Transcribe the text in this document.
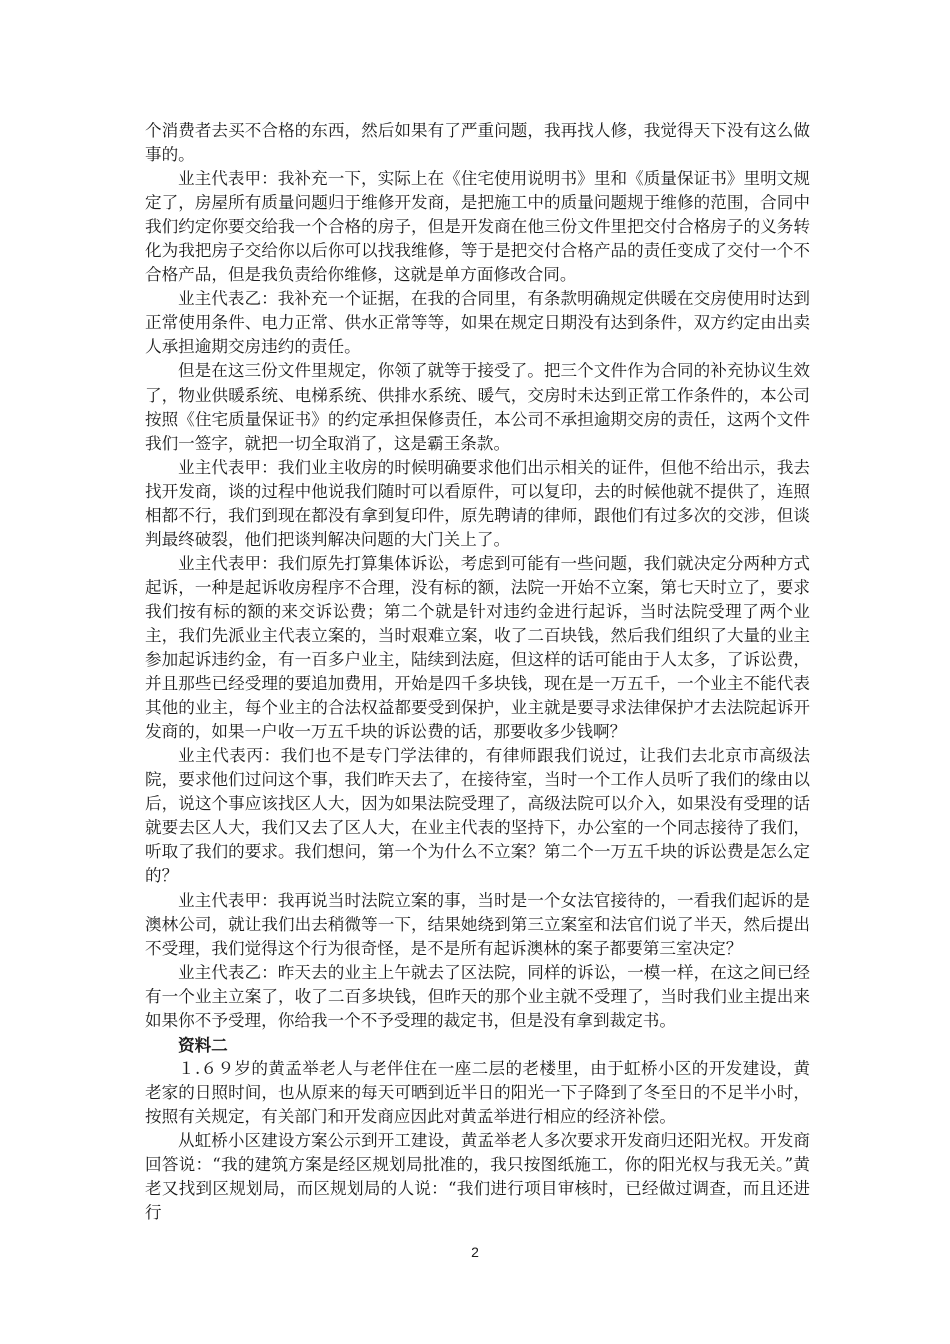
个消费者去买不合格的东西，然后如果有了严重问题，我再找人修，我觉得天下没有这么做事的。

业主代表甲：我补充一下，实际上在《住宅使用说明书》里和《质量保证书》里明文规定了，房屋所有质量问题归于维修开发商，是把施工中的质量问题规于维修的范围，合同中我们约定你要交给我一个合格的房子，但是开发商在他三份文件里把交付合格房子的义务转化为我把房子交给你以后你可以找我维修，等于是把交付合格产品的责任变成了交付一个不合格产品，但是我负责给你维修，这就是单方面修改合同。

业主代表乙：我补充一个证据，在我的合同里，有条款明确规定供暖在交房使用时达到正常使用条件、电力正常、供水正常等等，如果在规定日期没有达到条件，双方约定由出卖人承担逾期交房违约的责任。

但是在这三份文件里规定，你领了就等于接受了。把三个文件作为合同的补充协议生效了，物业供暖系统、电梯系统、供排水系统、暖气，交房时未达到正常工作条件的，本公司按照《住宅质量保证书》的约定承担保修责任，本公司不承担逾期交房的责任，这两个文件我们一签字，就把一切全取消了，这是霸王条款。

业主代表甲：我们业主收房的时候明确要求他们出示相关的证件，但他不给出示，我去找开发商，谈的过程中他说我们随时可以看原件，可以复印，去的时候他就不提供了，连照相都不行，我们到现在都没有拿到复印件，原先聘请的律师，跟他们有过多次的交涉，但谈判最终破裂，他们把谈判解决问题的大门关上了。

业主代表甲：我们原先打算集体诉讼，考虑到可能有一些问题，我们就决定分两种方式起诉，一种是起诉收房程序不合理，没有标的额，法院一开始不立案，第七天时立了，要求我们按有标的额的来交诉讼费；第二个就是针对违约金进行起诉，当时法院受理了两个业主，我们先派业主代表立案的，当时艰难立案，收了二百块钱，然后我们组织了大量的业主参加起诉违约金，有一百多户业主，陆续到法庭，但这样的话可能由于人太多，了诉讼费，并且那些已经受理的要追加费用，开始是四千多块钱，现在是一万五千，一个业主不能代表其他的业主，每个业主的合法权益都要受到保护，业主就是要寻求法律保护才去法院起诉开发商的，如果一户收一万五千块的诉讼费的话，那要收多少钱啊？

业主代表丙：我们也不是专门学法律的，有律师跟我们说过，让我们去北京市高级法院，要求他们过问这个事，我们昨天去了，在接待室，当时一个工作人员听了我们的缘由以后，说这个事应该找区人大，因为如果法院受理了，高级法院可以介入，如果没有受理的话就要去区人大，我们又去了区人大，在业主代表的坚持下，办公室的一个同志接待了我们，听取了我们的要求。我们想问，第一个为什么不立案？第二个一万五千块的诉讼费是怎么定的？

业主代表甲：我再说当时法院立案的事，当时是一个女法官接待的，一看我们起诉的是澳林公司，就让我们出去稍微等一下，结果她绕到第三立案室和法官们说了半天，然后提出不受理，我们觉得这个行为很奇怪，是不是所有起诉澳林的案子都要第三室决定？

业主代表乙：昨天去的业主上午就去了区法院，同样的诉讼，一模一样，在这之间已经有一个业主立案了，收了二百多块钱，但昨天的那个业主就不受理了，当时我们业主提出来如果你不予受理，你给我一个不予受理的裁定书，但是没有拿到裁定书。

资料二

１.６９岁的黄孟举老人与老伴住在一座二层的老楼里，由于虹桥小区的开发建设，黄老家的日照时间，也从原来的每天可晒到近半日的阳光一下子降到了冬至日的不足半小时，按照有关规定，有关部门和开发商应因此对黄孟举进行相应的经济补偿。

从虹桥小区建设方案公示到开工建设，黄孟举老人多次要求开发商归还阳光权。开发商回答说：“我的建筑方案是经区规划局批准的，我只按图纸施工，你的阳光权与我无关。”黄老又找到区规划局，而区规划局的人说：“我们进行项目审核时，已经做过调查，而且还进行

2
